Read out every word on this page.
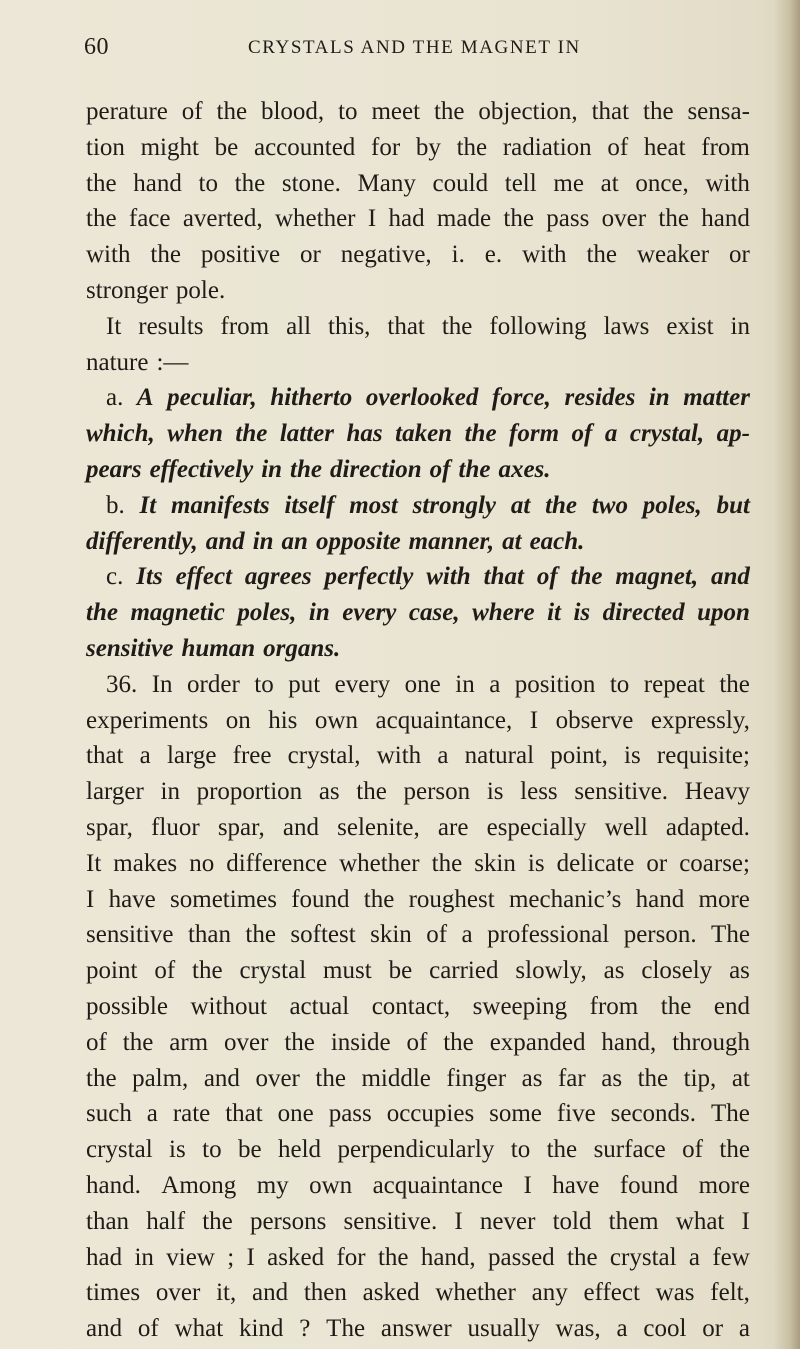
60	CRYSTALS AND THE MAGNET IN
perature of the blood, to meet the objection, that the sensa-
tion might be accounted for by the radiation of heat from
the hand to the stone. Many could tell me at once, with
the face averted, whether I had made the pass over the hand
with the positive or negative, i. e. with the weaker or
stronger pole.
It results from all this, that the following laws exist in
nature :—
a. A peculiar, hitherto overlooked force, resides in matter
which, when the latter has taken the form of a crystal, ap-
pears effectively in the direction of the axes.
b. It manifests itself most strongly at the two poles, but
differently, and in an opposite manner, at each.
c. Its effect agrees perfectly with that of the magnet, and
the magnetic poles, in every case, where it is directed upon
sensitive human organs.
36. In order to put every one in a position to repeat the
experiments on his own acquaintance, I observe expressly,
that a large free crystal, with a natural point, is requisite;
larger in proportion as the person is less sensitive. Heavy
spar, fluor spar, and selenite, are especially well adapted.
It makes no difference whether the skin is delicate or coarse;
I have sometimes found the roughest mechanic’s hand more
sensitive than the softest skin of a professional person. The
point of the crystal must be carried slowly, as closely as
possible without actual contact, sweeping from the end
of the arm over the inside of the expanded hand, through
the palm, and over the middle finger as far as the tip, at
such a rate that one pass occupies some five seconds. The
crystal is to be held perpendicularly to the surface of the
hand. Among my own acquaintance I have found more
than half the persons sensitive. I never told them what I
had in view ; I asked for the hand, passed the crystal a few
times over it, and then asked whether any effect was felt,
and of what kind ? The answer usually was, a cool or a
